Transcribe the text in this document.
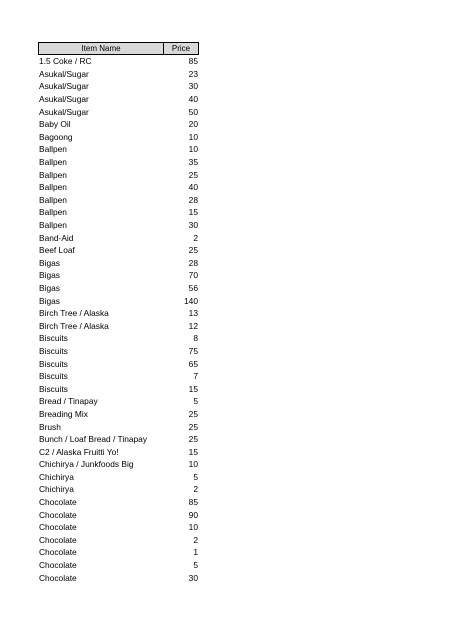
Item Name	Price
1.5 Coke / RC	85
Asukal/Sugar	23
Asukal/Sugar	30
Asukal/Sugar	40
Asukal/Sugar	50
Baby Oil	20
Bagoong	10
Ballpen	10
Ballpen	35
Ballpen	25
Ballpen	40
Ballpen	28
Ballpen	15
Ballpen	30
Band-Aid	2
Beef Loaf	25
Bigas	28
Bigas	70
Bigas	56
Bigas	140
Birch Tree / Alaska	13
Birch Tree / Alaska	12
Biscuits	8
Biscuits	75
Biscuits	65
Biscuits	7
Biscuits	15
Bread / Tinapay	5
Breading Mix	25
Brush	25
Bunch / Loaf Bread / Tinapay	25
C2 / Alaska Fruitti Yo!	15
Chichirya / Junkfoods Big	10
Chichirya	5
Chichirya	2
Chocolate	85
Chocolate	90
Chocolate	10
Chocolate	2
Chocolate	1
Chocolate	5
Chocolate	30
